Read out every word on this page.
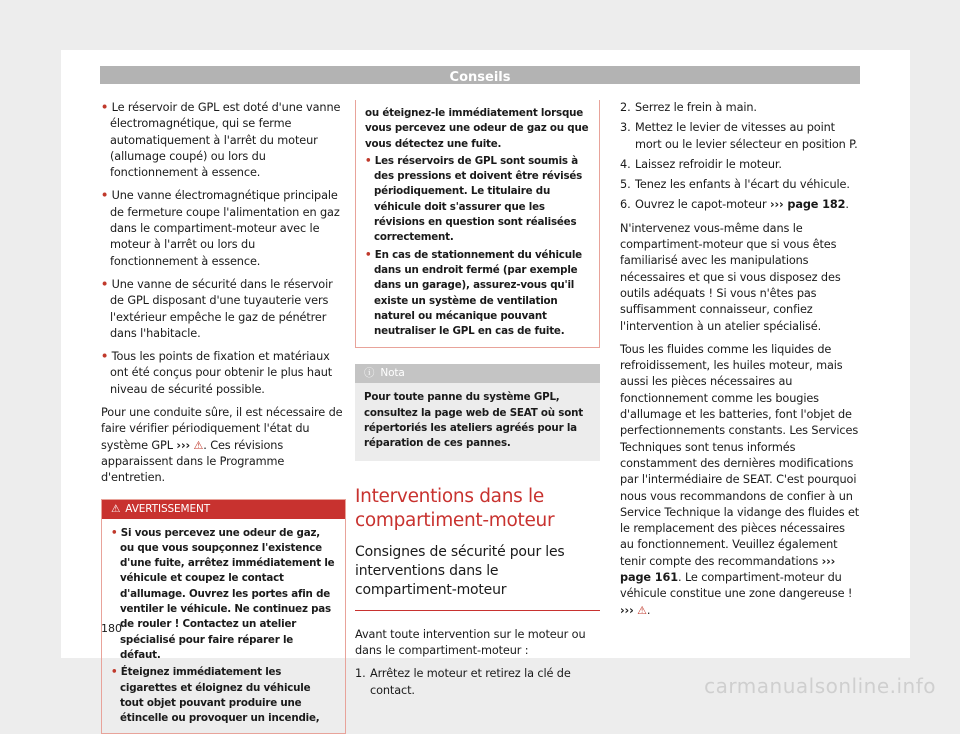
Conseils

• Le réservoir de GPL est doté d'une vanne électromagnétique, qui se ferme automatiquement à l'arrêt du moteur (allumage coupé) ou lors du fonctionnement à essence.

• Une vanne électromagnétique principale de fermeture coupe l'alimentation en gaz dans le compartiment-moteur avec le moteur à l'arrêt ou lors du fonctionnement à essence.

• Une vanne de sécurité dans le réservoir de GPL disposant d'une tuyauterie vers l'extérieur empêche le gaz de pénétrer dans l'habitacle.

• Tous les points de fixation et matériaux ont été conçus pour obtenir le plus haut niveau de sécurité possible.

Pour une conduite sûre, il est nécessaire de faire vérifier périodiquement l'état du système GPL ››› ⚠. Ces révisions apparaissent dans le Programme d'entretien.

⚠ AVERTISSEMENT

• Si vous percevez une odeur de gaz, ou que vous soupçonnez l'existence d'une fuite, arrêtez immédiatement le véhicule et coupez le contact d'allumage. Ouvrez les portes afin de ventiler le véhicule. Ne continuez pas de rouler ! Contactez un atelier spécialisé pour faire réparer le défaut.

• Éteignez immédiatement les cigarettes et éloignez du véhicule tout objet pouvant produire une étincelle ou provoquer un incendie,

ou éteignez-le immédiatement lorsque vous percevez une odeur de gaz ou que vous détectez une fuite.

• Les réservoirs de GPL sont soumis à des pressions et doivent être révisés périodiquement. Le titulaire du véhicule doit s'assurer que les révisions en question sont réalisées correctement.

• En cas de stationnement du véhicule dans un endroit fermé (par exemple dans un garage), assurez-vous qu'il existe un système de ventilation naturel ou mécanique pouvant neutraliser le GPL en cas de fuite.

ⓘ Nota
Pour toute panne du système GPL, consultez la page web de SEAT où sont répertoriés les ateliers agréés pour la réparation de ces pannes.
Interventions dans le compartiment-moteur
Consignes de sécurité pour les interventions dans le compartiment-moteur

Avant toute intervention sur le moteur ou dans le compartiment-moteur :

1. Arrêtez le moteur et retirez la clé de contact.
2. Serrez le frein à main.
3. Mettez le levier de vitesses au point mort ou le levier sélecteur en position P.
4. Laissez refroidir le moteur.
5. Tenez les enfants à l'écart du véhicule.
6. Ouvrez le capot-moteur ››› page 182.

N'intervenez vous-même dans le compartiment-moteur que si vous êtes familiarisé avec les manipulations nécessaires et que si vous disposez des outils adéquats ! Si vous n'êtes pas suffisamment connaisseur, confiez l'intervention à un atelier spécialisé.

Tous les fluides comme les liquides de refroidissement, les huiles moteur, mais aussi les pièces nécessaires au fonctionnement comme les bougies d'allumage et les batteries, font l'objet de perfectionnements constants. Les Services Techniques sont tenus informés constamment des dernières modifications par l'intermédiaire de SEAT. C'est pourquoi nous vous recommandons de confier à un Service Technique la vidange des fluides et le remplacement des pièces nécessaires au fonctionnement. Veuillez également tenir compte des recommandations ››› page 161. Le compartiment-moteur du véhicule constitue une zone dangereuse ! ››› ⚠.

180
carmanualsonline.info
